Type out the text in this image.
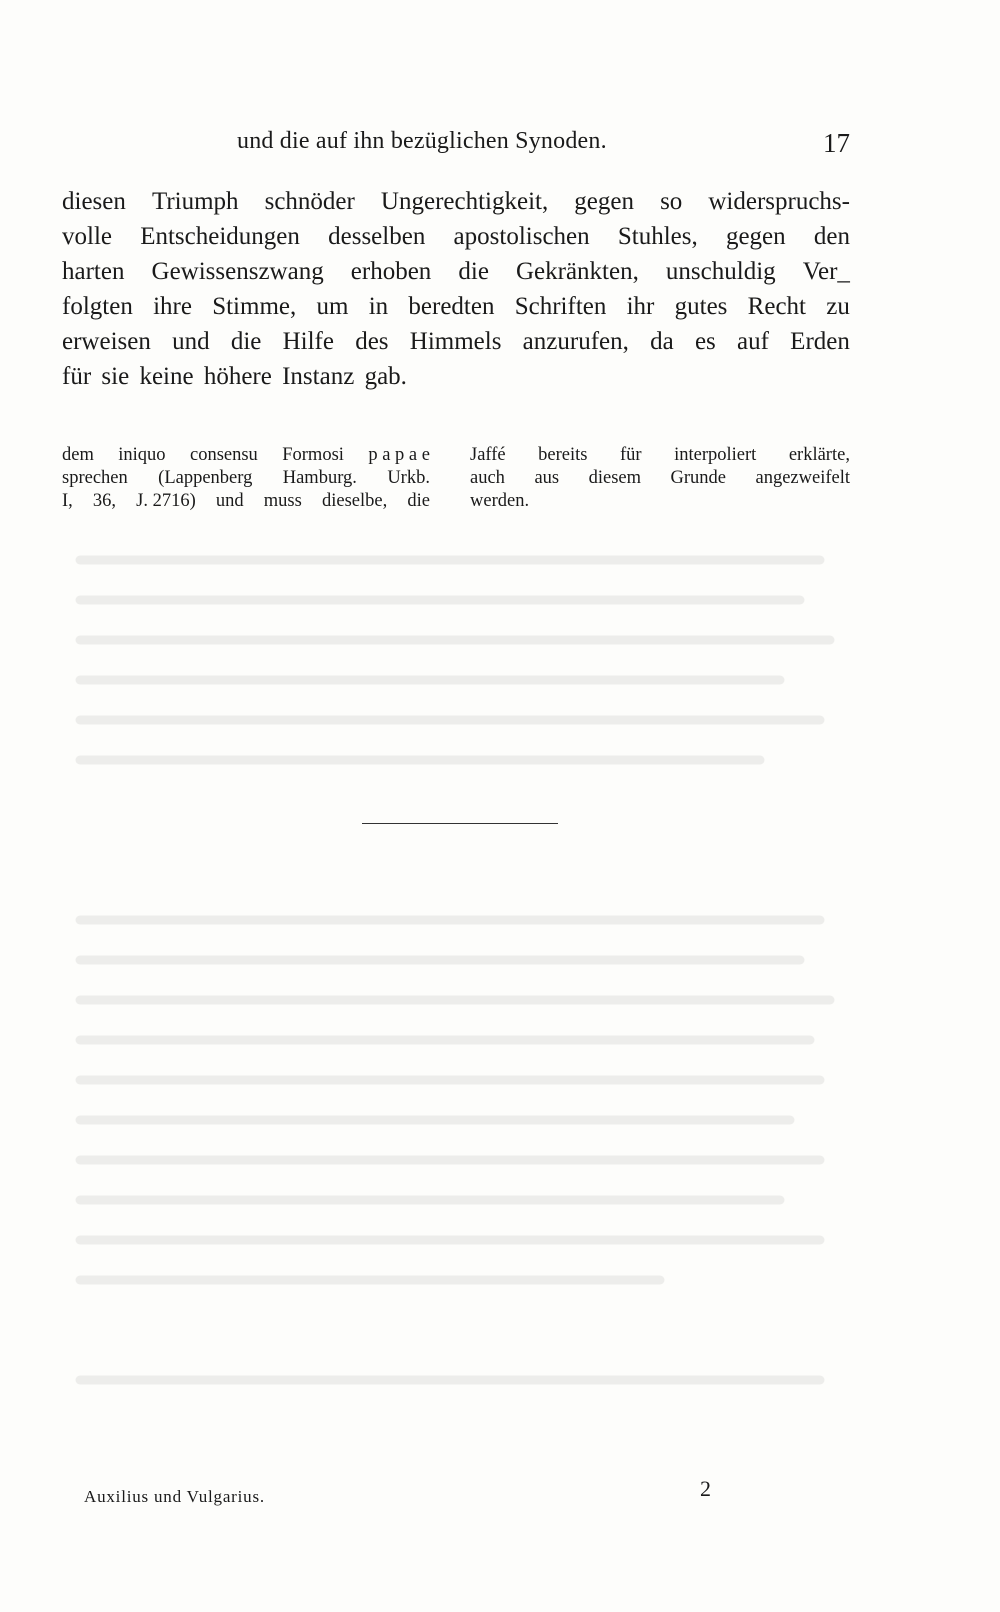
und die auf ihn bezüglichen Synoden.	17
diesen Triumph schnöder Ungerechtigkeit, gegen so widerspruchs-
volle Entscheidungen desselben apostolischen Stuhles, gegen den
harten Gewissenszwang erhoben die Gekränkten, unschuldig Ver_
folgten ihre Stimme, um in beredten Schriften ihr gutes Recht zu
erweisen und die Hilfe des Himmels anzurufen, da es auf Erden
für
sie
keine
höhere
Instanz
gab.
dem iniquo consensu Formosi p a p a e
sprechen (Lappenberg Hamburg. Urkb.
I, 36, J. 2716) und muss dieselbe, die
Jaffé bereits für interpoliert erklärte,
auch aus diesem Grunde angezweifelt
werden.
Auxilius und Vulgarius.	2
